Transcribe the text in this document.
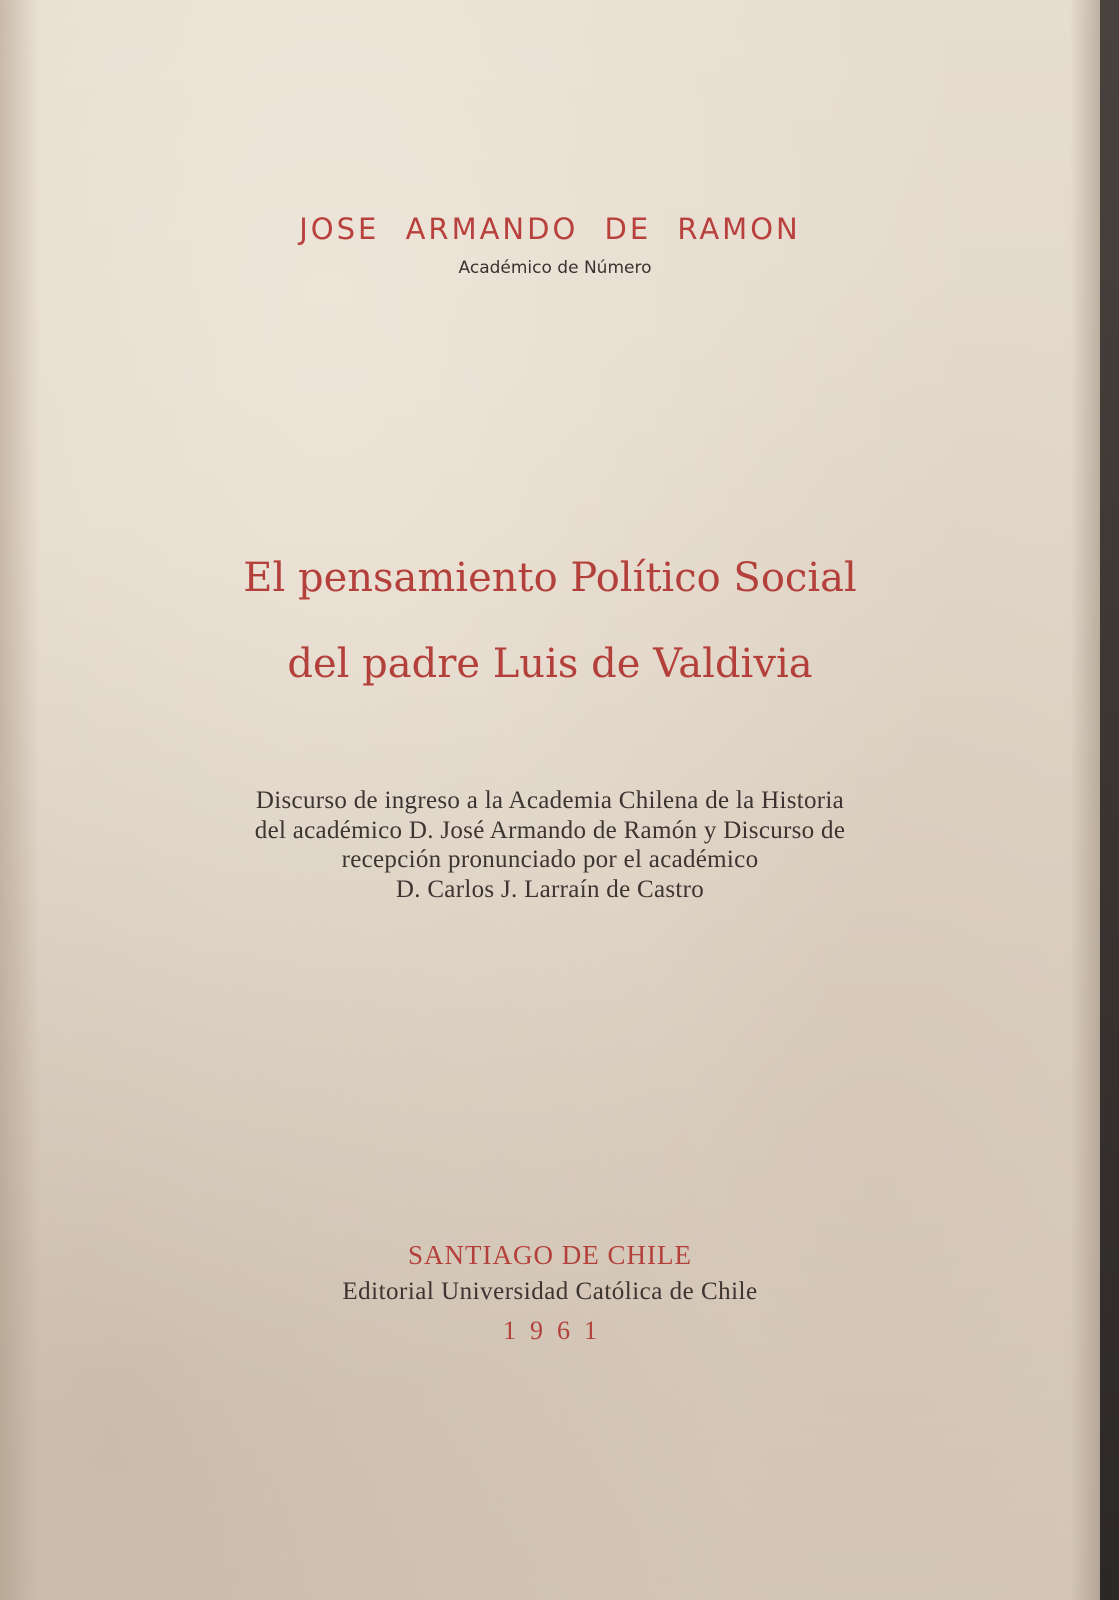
JOSE ARMANDO DE RAMON
Académico de Número
El pensamiento Político Social
del padre Luis de Valdivia
Discurso de ingreso a la Academia Chilena de la Historia
del académico D. José Armando de Ramón y Discurso de
recepción pronunciado por el académico
D. Carlos J. Larraín de Castro
SANTIAGO DE CHILE
Editorial Universidad Católica de Chile
1961
